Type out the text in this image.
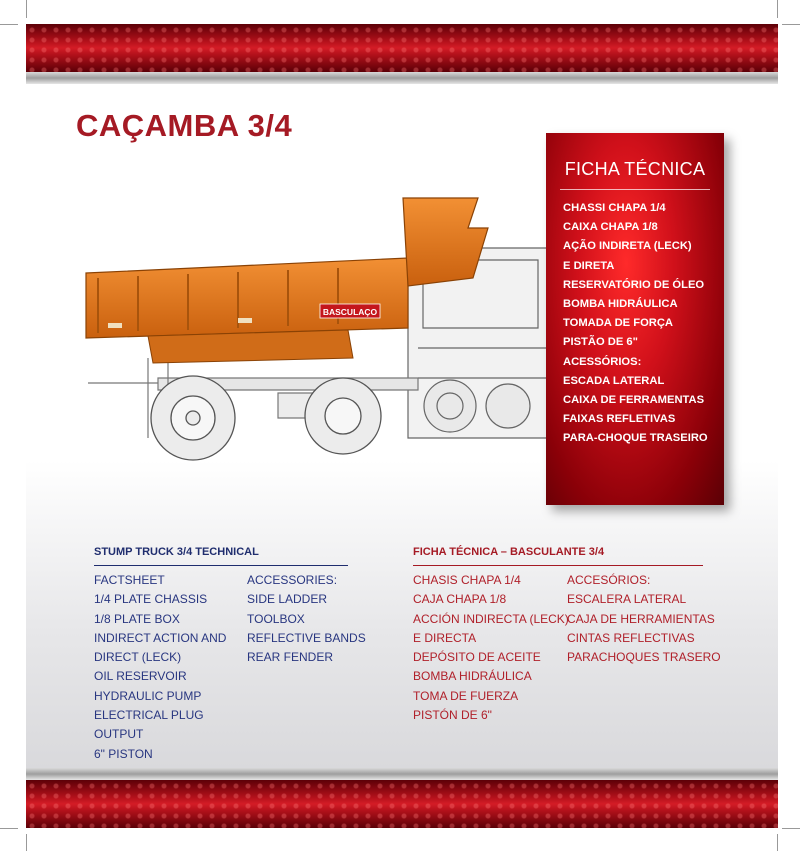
CAÇAMBA 3/4
BASCULAÇO
FICHA TÉCNICA
CHASSI CHAPA 1/4
CAIXA CHAPA 1/8
AÇÃO INDIRETA (LECK)
E DIRETA
RESERVATÓRIO DE ÓLEO
BOMBA HIDRÁULICA
TOMADA DE FORÇA
PISTÃO DE 6"
ACESSÓRIOS:
ESCADA LATERAL
CAIXA DE FERRAMENTAS
FAIXAS REFLETIVAS
PARA-CHOQUE TRASEIRO
STUMP TRUCK 3/4 TECHNICAL
FACTSHEET
1/4 PLATE CHASSIS
1/8 PLATE BOX
INDIRECT ACTION AND
DIRECT (LECK)
OIL RESERVOIR
HYDRAULIC PUMP
ELECTRICAL PLUG
OUTPUT
6" PISTON
ACCESSORIES:
SIDE LADDER
TOOLBOX
REFLECTIVE BANDS
REAR FENDER
FICHA TÉCNICA – BASCULANTE 3/4
CHASIS CHAPA 1/4
CAJA CHAPA 1/8
ACCIÓN INDIRECTA (LECK)
E DIRECTA
DEPÓSITO DE ACEITE
BOMBA HIDRÁULICA
TOMA DE FUERZA
PISTÓN DE 6"
ACCESÓRIOS:
ESCALERA LATERAL
CAJA DE HERRAMIENTAS
CINTAS REFLECTIVAS
PARACHOQUES TRASERO
